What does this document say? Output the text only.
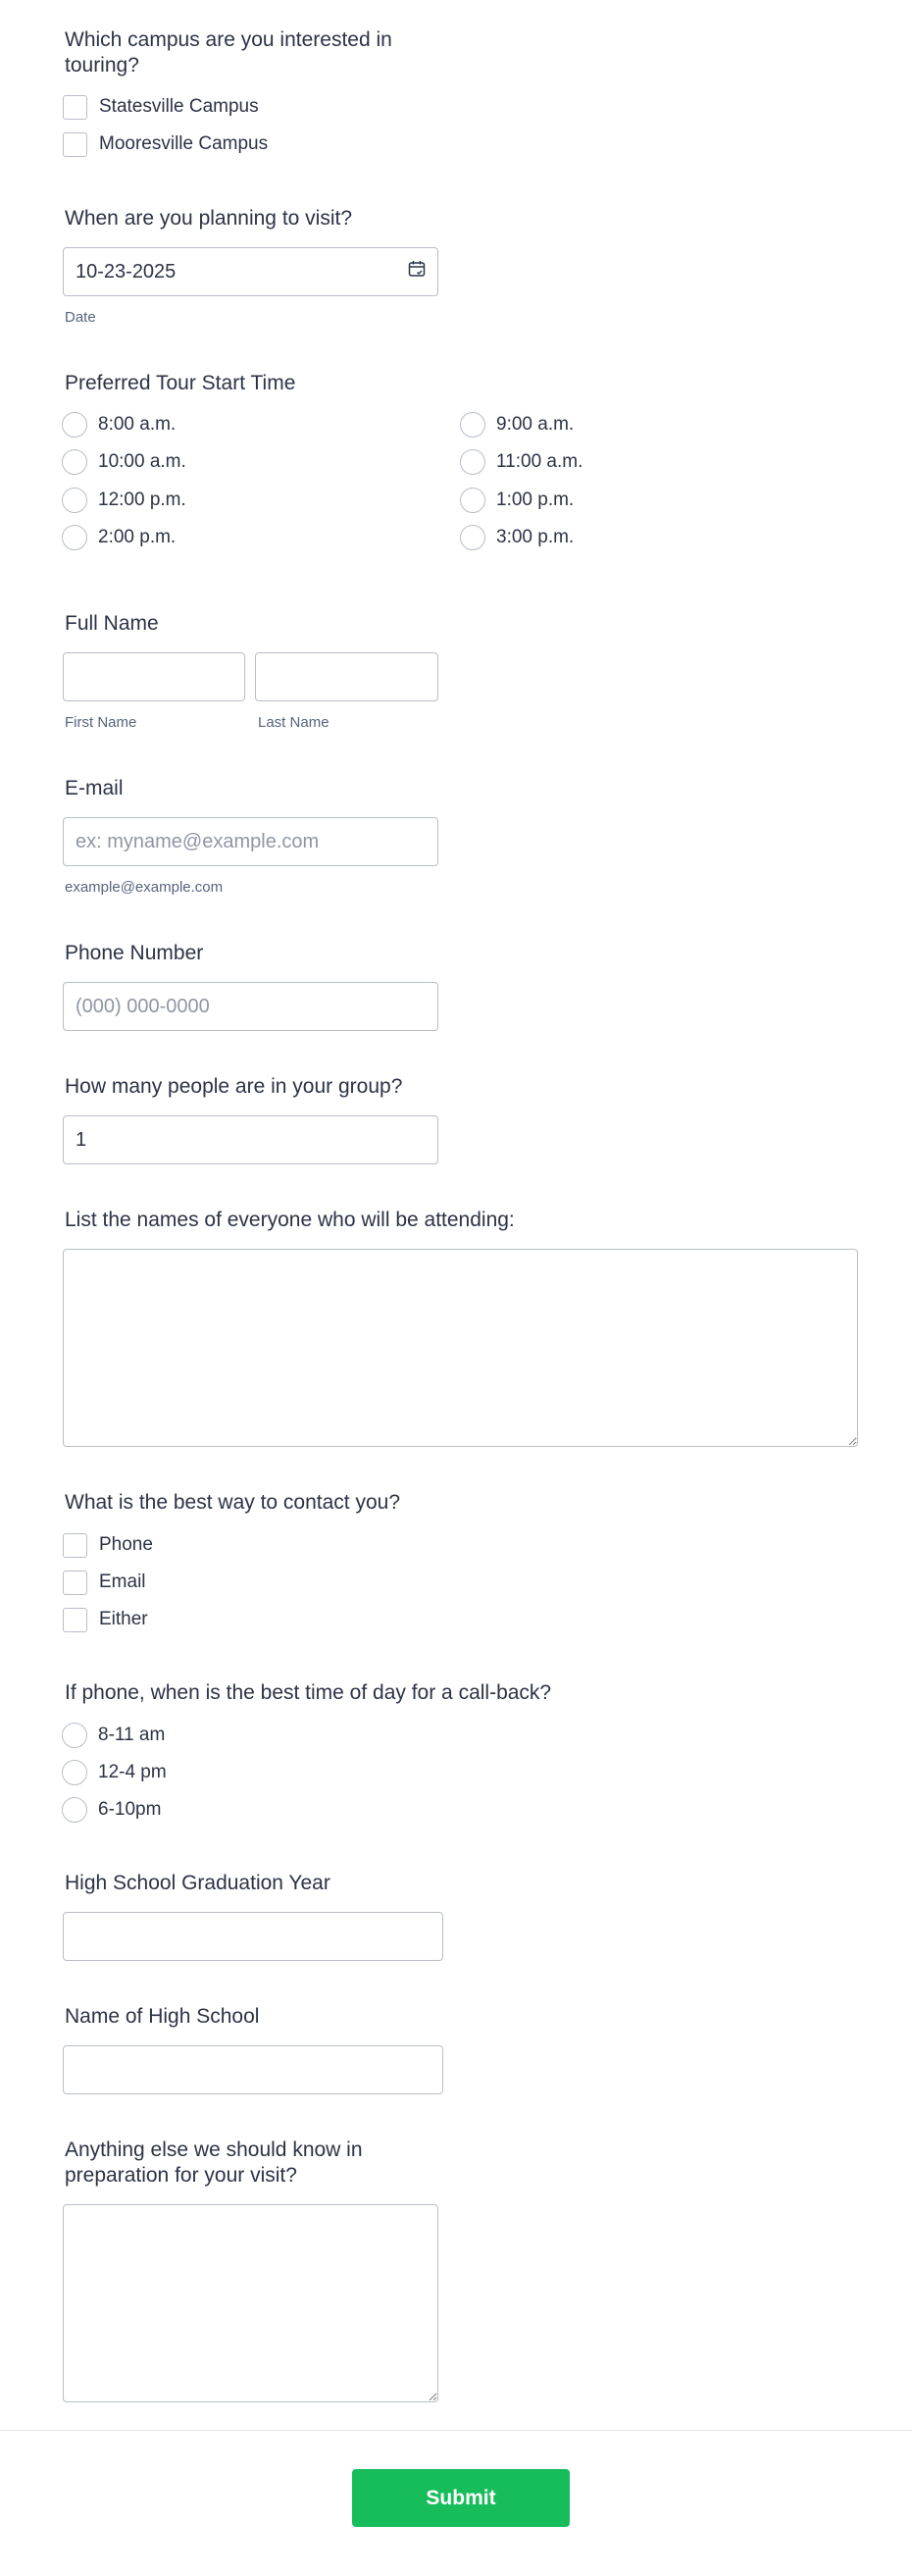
Which campus are you interested in touring?
Statesville Campus
Mooresville Campus
When are you planning to visit?
10-23-2025
Date
Preferred Tour Start Time
8:00 a.m.
10:00 a.m.
12:00 p.m.
2:00 p.m.
9:00 a.m.
11:00 a.m.
1:00 p.m.
3:00 p.m.
Full Name
First Name	Last Name
E-mail
ex: myname@example.com
example@example.com
Phone Number
(000) 000-0000
How many people are in your group?
1
List the names of everyone who will be attending:
What is the best way to contact you?
Phone
Email
Either
If phone, when is the best time of day for a call-back?
8-11 am
12-4 pm
6-10pm
High School Graduation Year
Name of High School
Anything else we should know in preparation for your visit?
Submit
